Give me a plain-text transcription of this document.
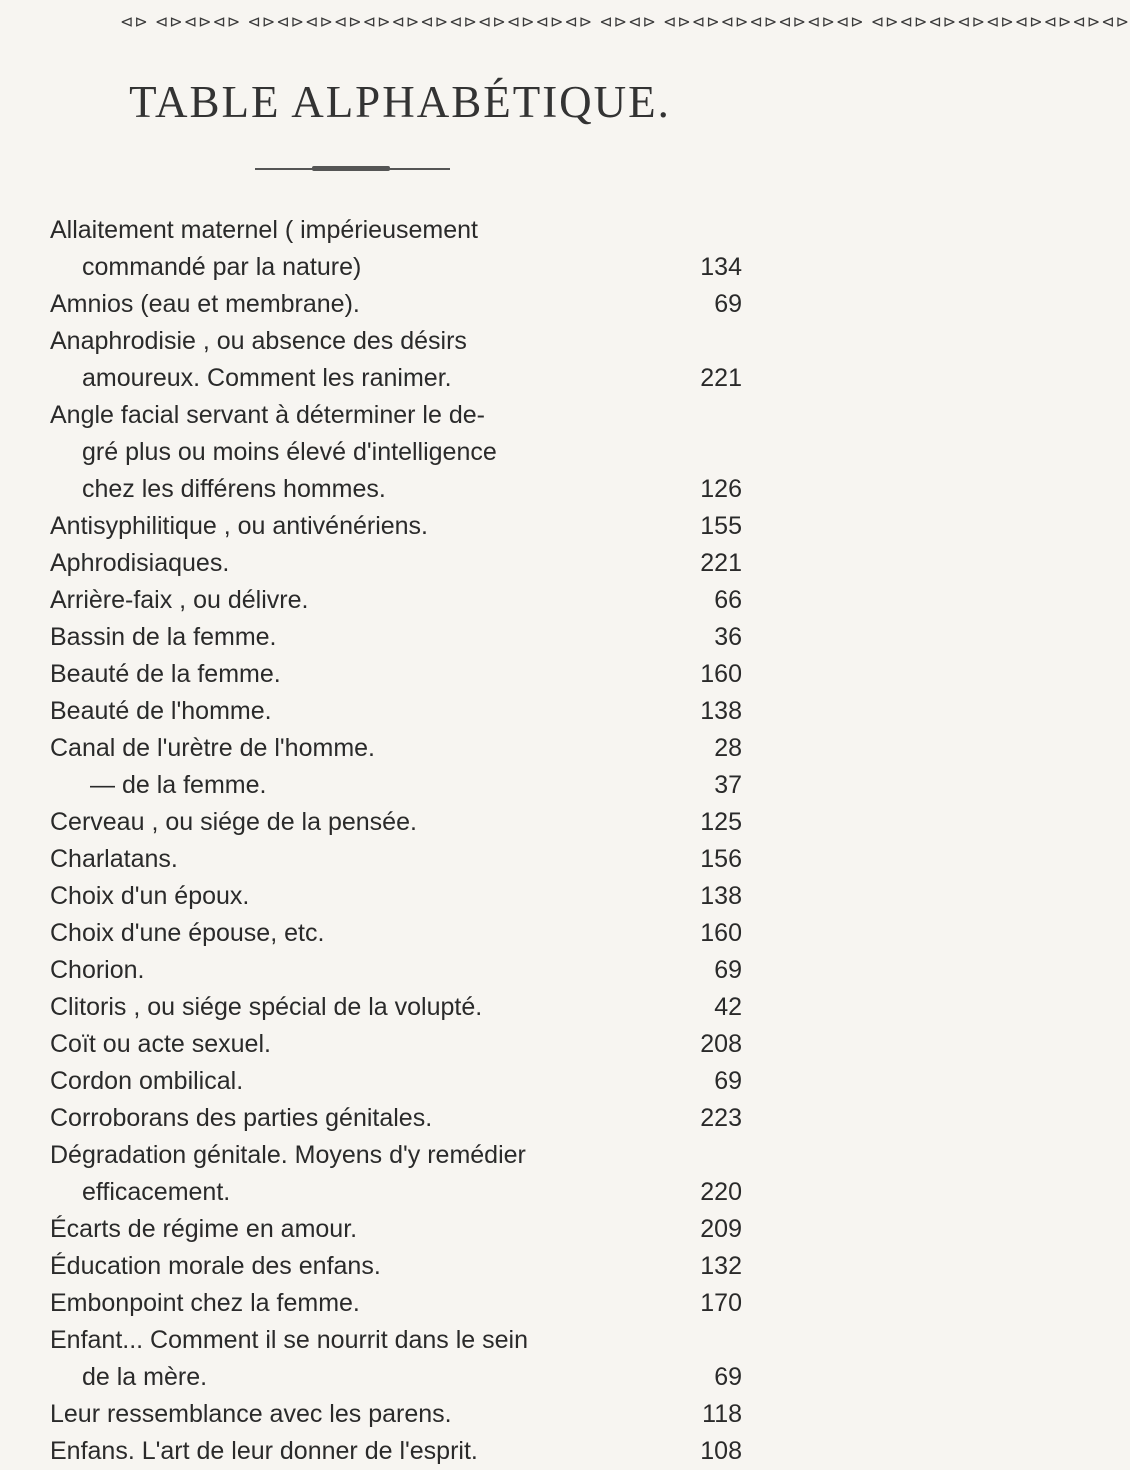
⊲⊳ ⊲⊳⊲⊳⊲⊳ ⊲⊳⊲⊳⊲⊳⊲⊳⊲⊳⊲⊳⊲⊳⊲⊳⊲⊳⊲⊳⊲⊳⊲⊳ ⊲⊳⊲⊳ ⊲⊳⊲⊳⊲⊳⊲⊳⊲⊳⊲⊳⊲⊳ ⊲⊳⊲⊳⊲⊳⊲⊳⊲⊳⊲⊳⊲⊳⊲⊳⊲⊳
TABLE ALPHABÉTIQUE.
Allaitement maternel ( impérieusement
commandé par la nature)	134
Amnios (eau et membrane).	69
Anaphrodisie , ou absence des désirs
amoureux. Comment les ranimer.	221
Angle facial servant à déterminer le de-
gré plus ou moins élevé d'intelligence
chez les différens hommes.	126
Antisyphilitique , ou antivénériens.	155
Aphrodisiaques.	221
Arrière-faix , ou délivre.	66
Bassin de la femme.	36
Beauté de la femme.	160
Beauté de l'homme.	138
Canal de l'urètre de l'homme.	28
— de la femme.	37
Cerveau , ou siége de la pensée.	125
Charlatans.	156
Choix d'un époux.	138
Choix d'une épouse, etc.	160
Chorion.	69
Clitoris , ou siége spécial de la volupté.	42
Coït ou acte sexuel.	208
Cordon ombilical.	69
Corroborans des parties génitales.	223
Dégradation génitale. Moyens d'y remédier
efficacement.	220
Écarts de régime en amour.	209
Éducation morale des enfans.	132
Embonpoint chez la femme.	170
Enfant... Comment il se nourrit dans le sein
de la mère.	69
Leur ressemblance avec les parens.	118
Enfans. L'art de leur donner de l'esprit.	108
